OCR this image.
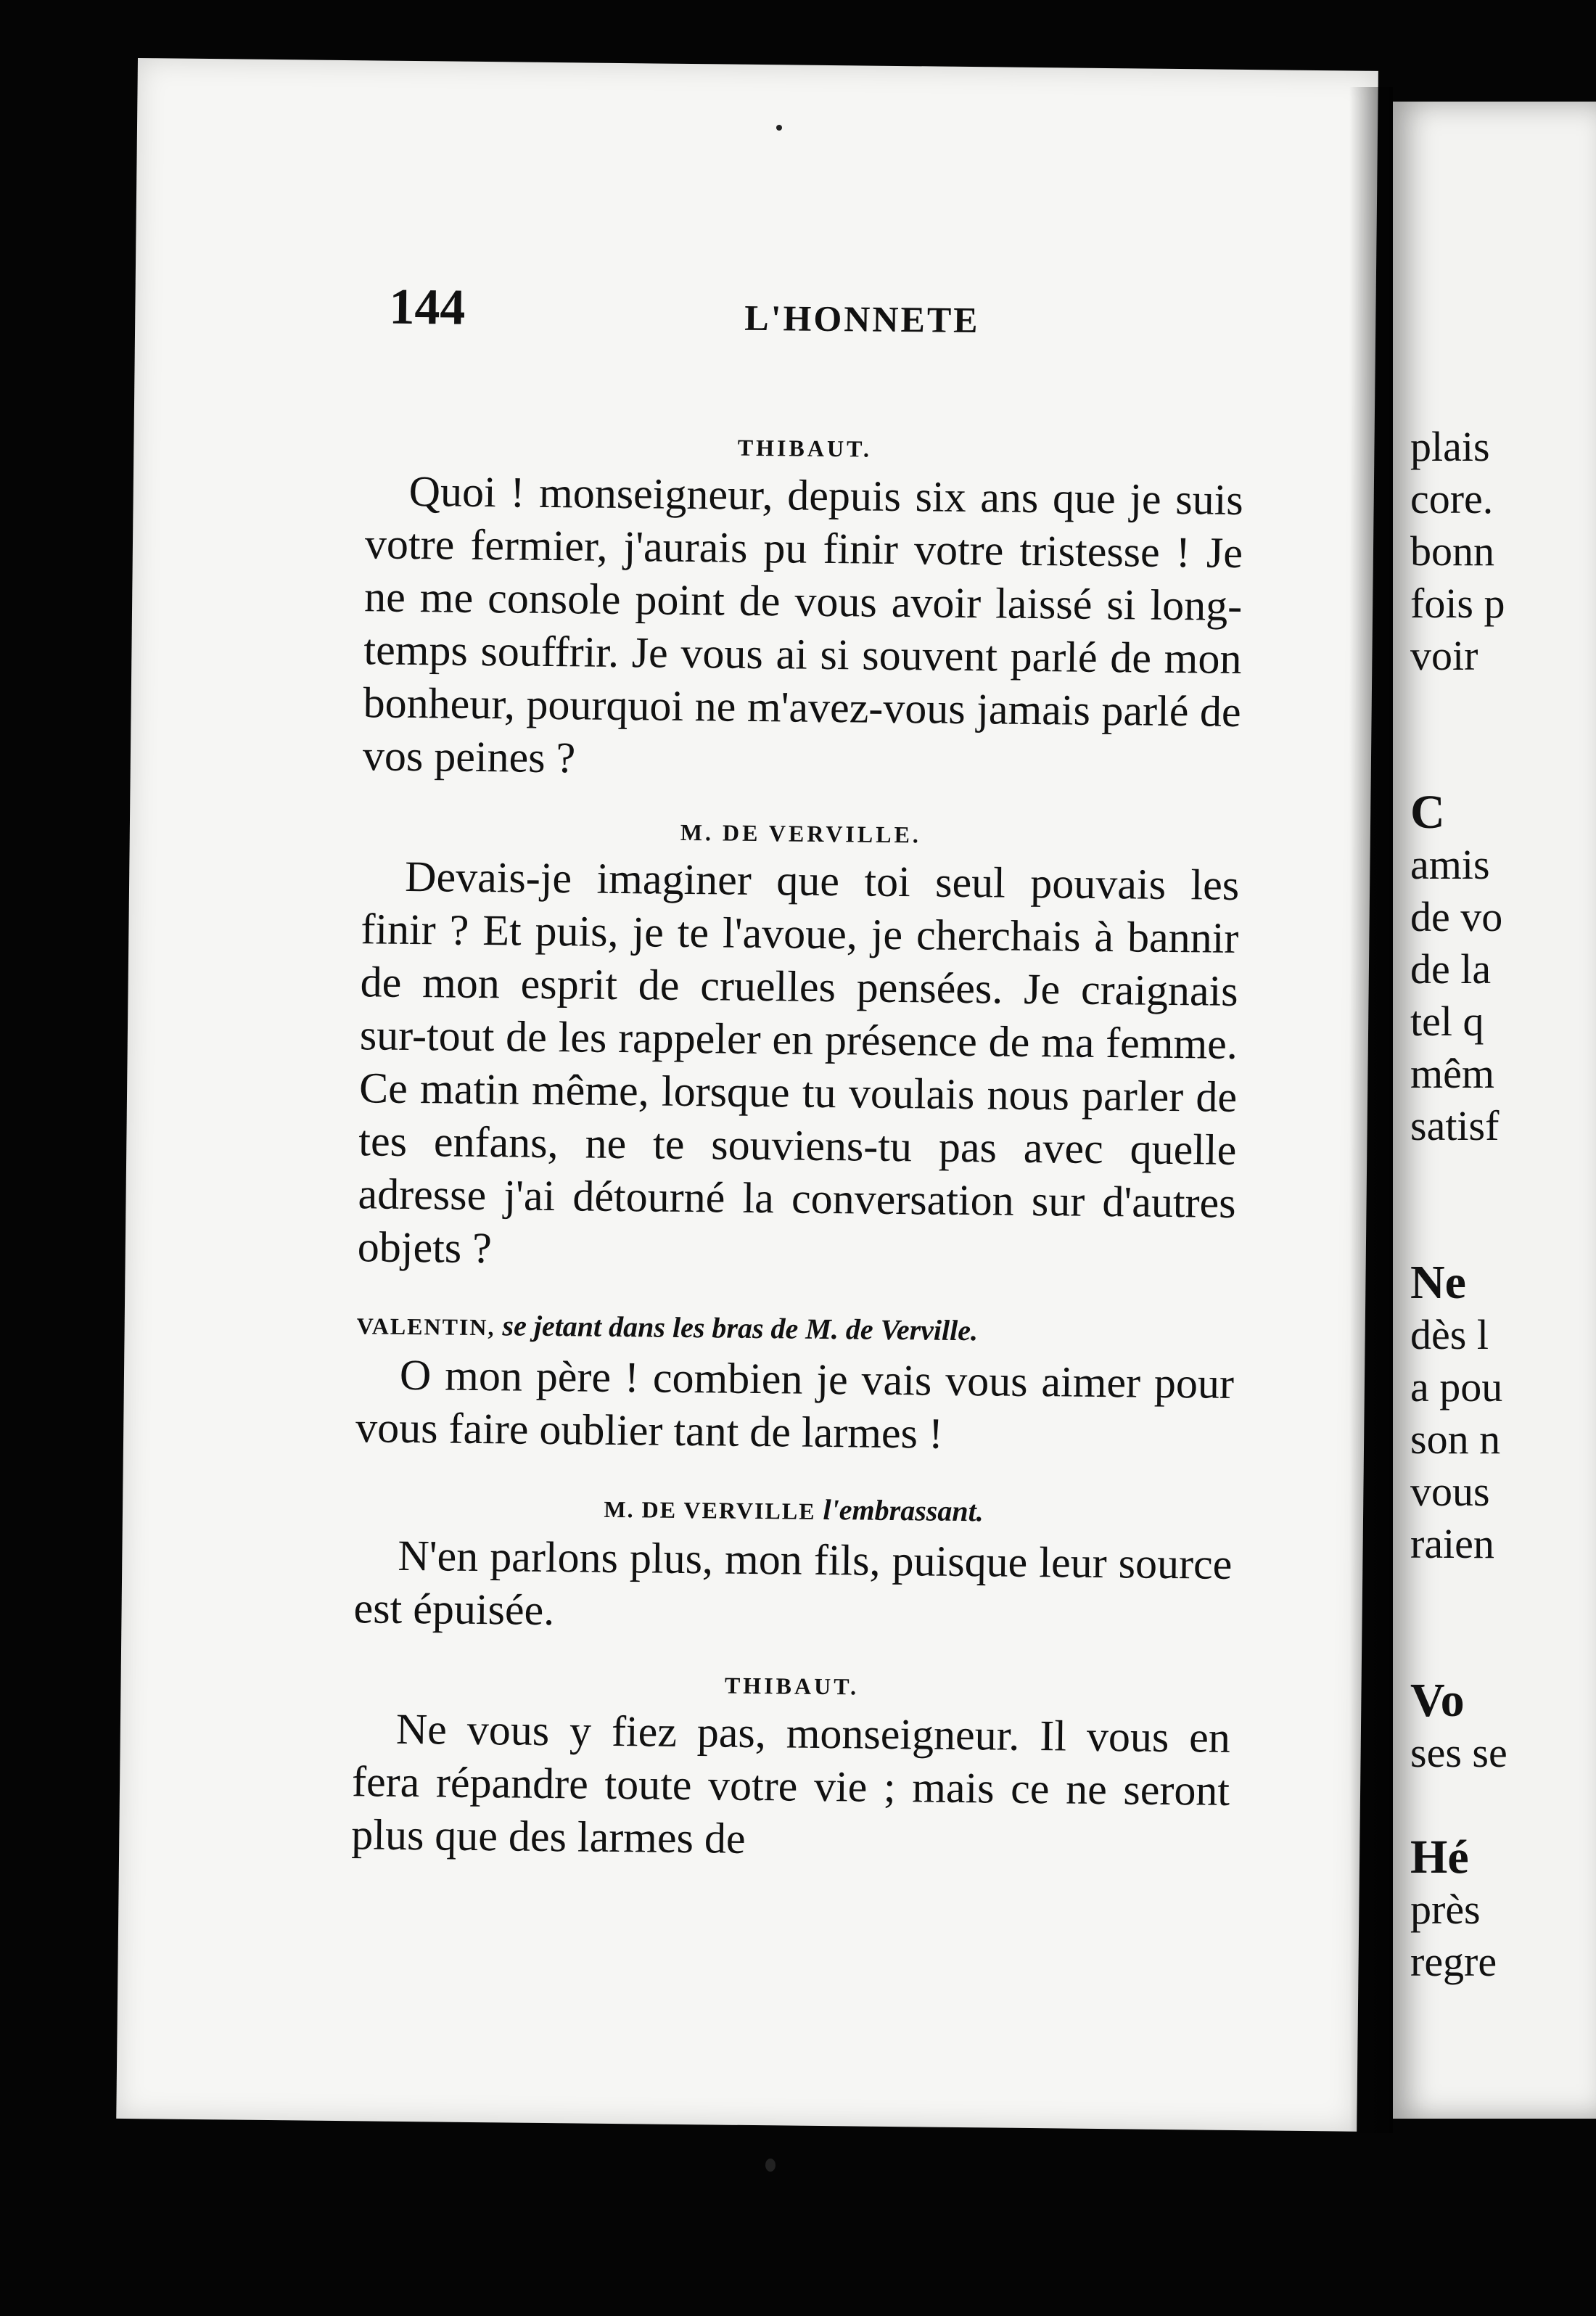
144	L'HONNETE
THIBAUT.

Quoi ! monseigneur, depuis six ans que je suis votre fermier, j'aurais pu finir votre tristesse ! Je ne me console point de vous avoir laissé si long-temps souffrir. Je vous ai si souvent parlé de mon bonheur, pourquoi ne m'avez-vous jamais parlé de vos peines ?

M. DE VERVILLE.

Devais-je imaginer que toi seul pouvais les finir ? Et puis, je te l'avoue, je cherchais à bannir de mon esprit de cruelles pensées. Je craignais sur-tout de les rappeler en présence de ma femme. Ce matin même, lorsque tu voulais nous parler de tes enfans, ne te souviens-tu pas avec quelle adresse j'ai détourné la conversation sur d'autres objets ?

VALENTIN, se jetant dans les bras de M. de Verville.

O mon père ! combien je vais vous aimer pour vous faire oublier tant de larmes !

M. DE VERVILLE l'embrassant.

N'en parlons plus, mon fils, puisque leur source est épuisée.

THIBAUT.

Ne vous y fiez pas, monseigneur. Il vous en fera répandre toute votre vie ; mais ce ne seront plus que des larmes de

plais
core.
bonn
fois p
voir
C
amis
de vo
de la
tel q
mêm
satisf
Ne
dès l
a pou
son n
vous
raien
Vo
ses se
Hé
près
regre
